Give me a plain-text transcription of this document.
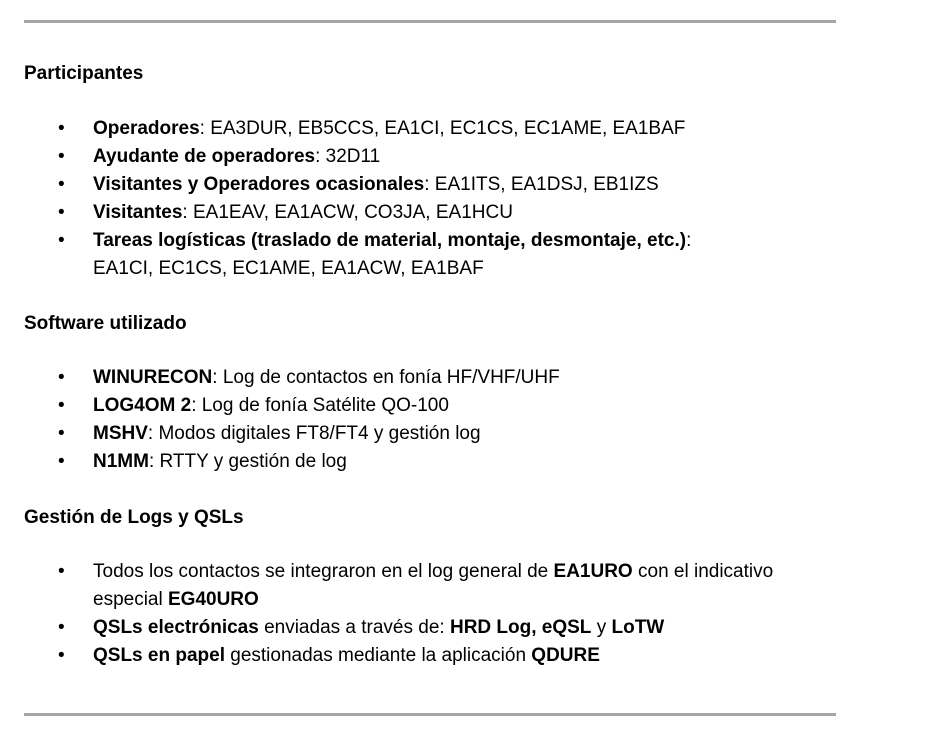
Participantes
• Operadores: EA3DUR, EB5CCS, EA1CI, EC1CS, EC1AME, EA1BAF
• Ayudante de operadores: 32D11
• Visitantes y Operadores ocasionales: EA1ITS, EA1DSJ, EB1IZS
• Visitantes: EA1EAV, EA1ACW, CO3JA, EA1HCU
• Tareas logísticas (traslado de material, montaje, desmontaje, etc.):
EA1CI, EC1CS, EC1AME, EA1ACW, EA1BAF
Software utilizado
• WINURECON: Log de contactos en fonía HF/VHF/UHF
• LOG4OM 2: Log de fonía Satélite QO-100
• MSHV: Modos digitales FT8/FT4 y gestión log
• N1MM: RTTY y gestión de log
Gestión de Logs y QSLs
• Todos los contactos se integraron en el log general de EA1URO con el indicativo
especial EG40URO
• QSLs electrónicas enviadas a través de: HRD Log, eQSL y LoTW
• QSLs en papel gestionadas mediante la aplicación QDURE
